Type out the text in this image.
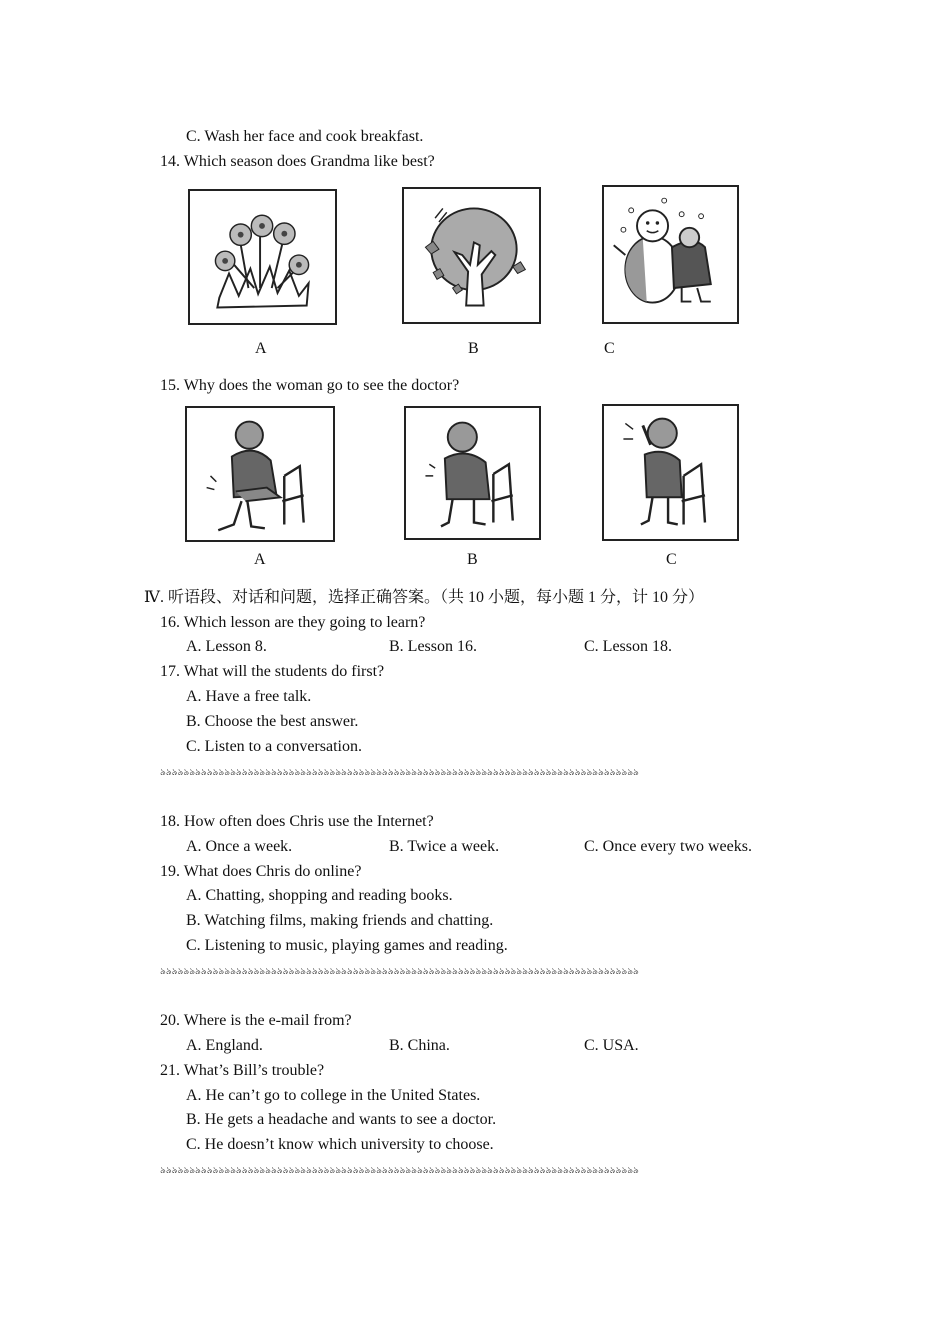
C. Wash her face and cook breakfast.
14. Which season does Grandma like best?
A	B	C
15. Why does the woman go to see the doctor?
A	B	C
Ⅳ. 听语段、对话和问题，选择正确答案。（共 10 小题，每小题 1 分，计 10 分）
16. Which lesson are they going to learn?
A. Lesson 8.	B. Lesson 16.	C. Lesson 18.
17. What will the students do first?
A. Have a free talk.
B. Choose the best answer.
C. Listen to a conversation.
৯৯৯৯৯৯৯৯৯৯৯৯৯৯৯৯৯৯৯৯৯৯৯৯৯৯৯৯৯৯৯৯৯৯৯৯৯৯৯৯৯৯৯৯৯৯৯৯৯৯৯৯৯৯৯৯৯৯৯৯৯৯৯৯৯৯৯৯৯৯৯৯৯৯৯৯৯৯৯৯৯৯
18. How often does Chris use the Internet?
A. Once a week.	B. Twice a week.	C. Once every two weeks.
19. What does Chris do online?
A. Chatting, shopping and reading books.
B. Watching films, making friends and chatting.
C. Listening to music, playing games and reading.
৯৯৯৯৯৯৯৯৯৯৯৯৯৯৯৯৯৯৯৯৯৯৯৯৯৯৯৯৯৯৯৯৯৯৯৯৯৯৯৯৯৯৯৯৯৯৯৯৯৯৯৯৯৯৯৯৯৯৯৯৯৯৯৯৯৯৯৯৯৯৯৯৯৯৯৯৯৯৯৯৯৯
20. Where is the e-mail from?
A. England.	B. China.	C. USA.
21. What’s Bill’s trouble?
A. He can’t go to college in the United States.
B. He gets a headache and wants to see a doctor.
C. He doesn’t know which university to choose.
৯৯৯৯৯৯৯৯৯৯৯৯৯৯৯৯৯৯৯৯৯৯৯৯৯৯৯৯৯৯৯৯৯৯৯৯৯৯৯৯৯৯৯৯৯৯৯৯৯৯৯৯৯৯৯৯৯৯৯৯৯৯৯৯৯৯৯৯৯৯৯৯৯৯৯৯৯৯৯৯৯৯
